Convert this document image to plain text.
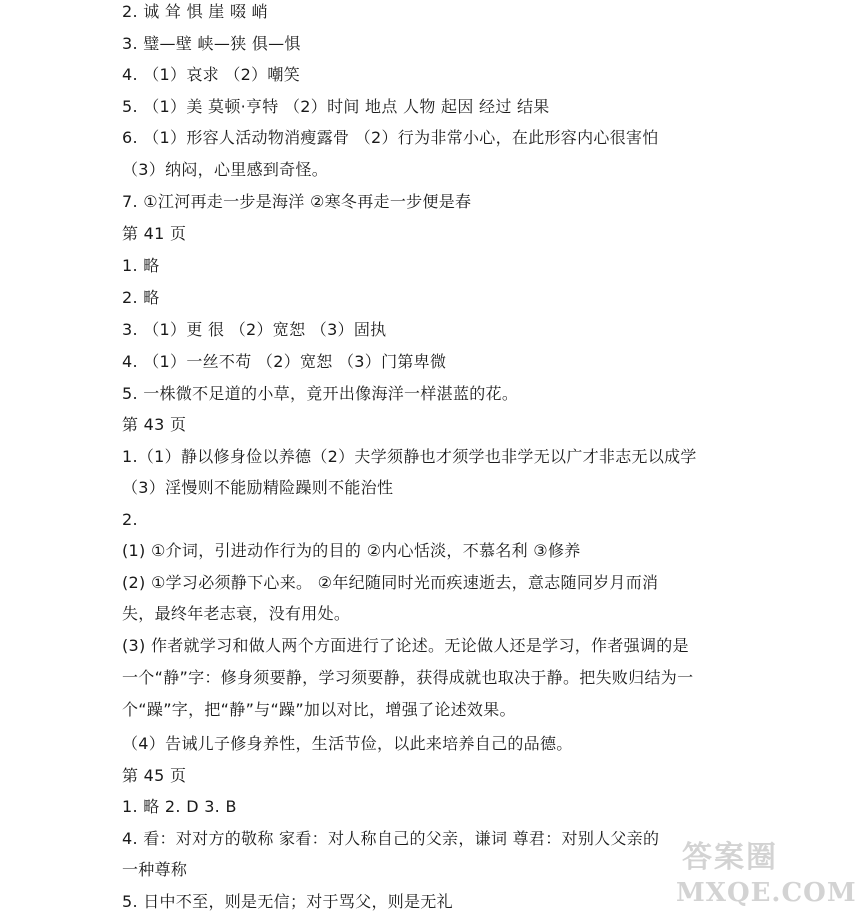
2. 诚 耸 惧 崖 啜 峭
3. 璧—壁 峡—狭 俱—惧
4. （1）哀求 （2）嘲笑
5. （1）美 莫顿·亨特 （2）时间 地点 人物 起因 经过 结果
6. （1）形容人活动物消瘦露骨 （2）行为非常小心，在此形容内心很害怕
（3）纳闷，心里感到奇怪。
7. ①江河再走一步是海洋 ②寒冬再走一步便是春
第 41 页
1. 略
2. 略
3. （1）更 很 （2）宽恕 （3）固执
4. （1）一丝不苟 （2）宽恕 （3）门第卑微
5. 一株微不足道的小草，竟开出像海洋一样湛蓝的花。
第 43 页
1.（1）静以修身俭以养德（2）夫学须静也才须学也非学无以广才非志无以成学
（3）淫慢则不能励精险躁则不能治性
2.
(1) ①介词，引进动作行为的目的 ②内心恬淡，不慕名利 ③修养
(2) ①学习必须静下心来。 ②年纪随同时光而疾速逝去，意志随同岁月而消
失，最终年老志衰，没有用处。
(3) 作者就学习和做人两个方面进行了论述。无论做人还是学习，作者强调的是
一个“静”字：修身须要静，学习须要静，获得成就也取决于静。把失败归结为一
个“躁”字，把“静”与“躁”加以对比，增强了论述效果。
（4）告诫儿子修身养性，生活节俭，以此来培养自己的品德。
第 45 页
1. 略 2. D 3. B
4. 看：对对方的敬称 家看：对人称自己的父亲，谦词 尊君：对别人父亲的
一种尊称
5. 日中不至，则是无信；对于骂父，则是无礼
答案圈
MXQE.COM
